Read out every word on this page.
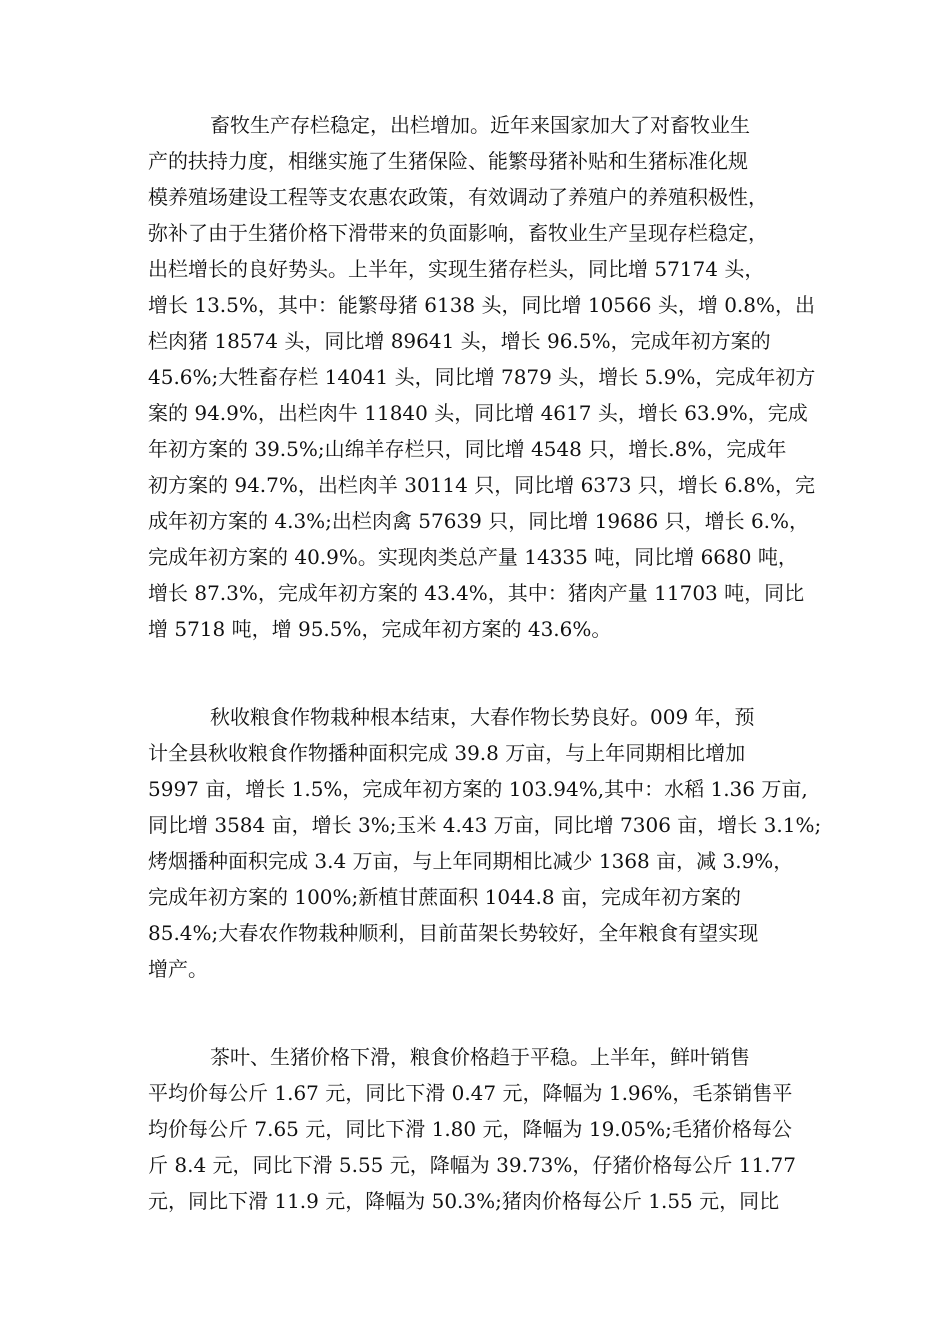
畜牧生产存栏稳定，出栏增加。近年来国家加大了对畜牧业生
产的扶持力度，相继实施了生猪保险、能繁母猪补贴和生猪标准化规
模养殖场建设工程等支农惠农政策，有效调动了养殖户的养殖积极性，
弥补了由于生猪价格下滑带来的负面影响，畜牧业生产呈现存栏稳定，
出栏增长的良好势头。上半年，实现生猪存栏头，同比增 57174 头，
增长 13.5%，其中：能繁母猪 6138 头，同比增 10566 头，增 0.8%，出
栏肉猪 18574 头，同比增 89641 头，增长 96.5%，完成年初方案的
45.6%;大牲畜存栏 14041 头，同比增 7879 头，增长 5.9%，完成年初方
案的 94.9%，出栏肉牛 11840 头，同比增 4617 头，增长 63.9%，完成
年初方案的 39.5%;山绵羊存栏只，同比增 4548 只，增长.8%，完成年
初方案的 94.7%，出栏肉羊 30114 只，同比增 6373 只，增长 6.8%，完
成年初方案的 4.3%;出栏肉禽 57639 只，同比增 19686 只，增长 6.%，
完成年初方案的 40.9%。实现肉类总产量 14335 吨，同比增 6680 吨，
增长 87.3%，完成年初方案的 43.4%，其中：猪肉产量 11703 吨，同比
增 5718 吨，增 95.5%，完成年初方案的 43.6%。
秋收粮食作物栽种根本结束，大春作物长势良好。009 年，预
计全县秋收粮食作物播种面积完成 39.8 万亩，与上年同期相比增加
5997 亩，增长 1.5%，完成年初方案的 103.94%,其中：水稻 1.36 万亩,
同比增 3584 亩，增长 3%;玉米 4.43 万亩，同比增 7306 亩，增长 3.1%;
烤烟播种面积完成 3.4 万亩，与上年同期相比减少 1368 亩，减 3.9%，
完成年初方案的 100%;新植甘蔗面积 1044.8 亩，完成年初方案的
85.4%;大春农作物栽种顺利，目前苗架长势较好，全年粮食有望实现
增产。
茶叶、生猪价格下滑，粮食价格趋于平稳。上半年，鲜叶销售
平均价每公斤 1.67 元，同比下滑 0.47 元，降幅为 1.96%，毛茶销售平
均价每公斤 7.65 元，同比下滑 1.80 元，降幅为 19.05%;毛猪价格每公
斤 8.4 元，同比下滑 5.55 元，降幅为 39.73%，仔猪价格每公斤 11.77
元，同比下滑 11.9 元，降幅为 50.3%;猪肉价格每公斤 1.55 元，同比
